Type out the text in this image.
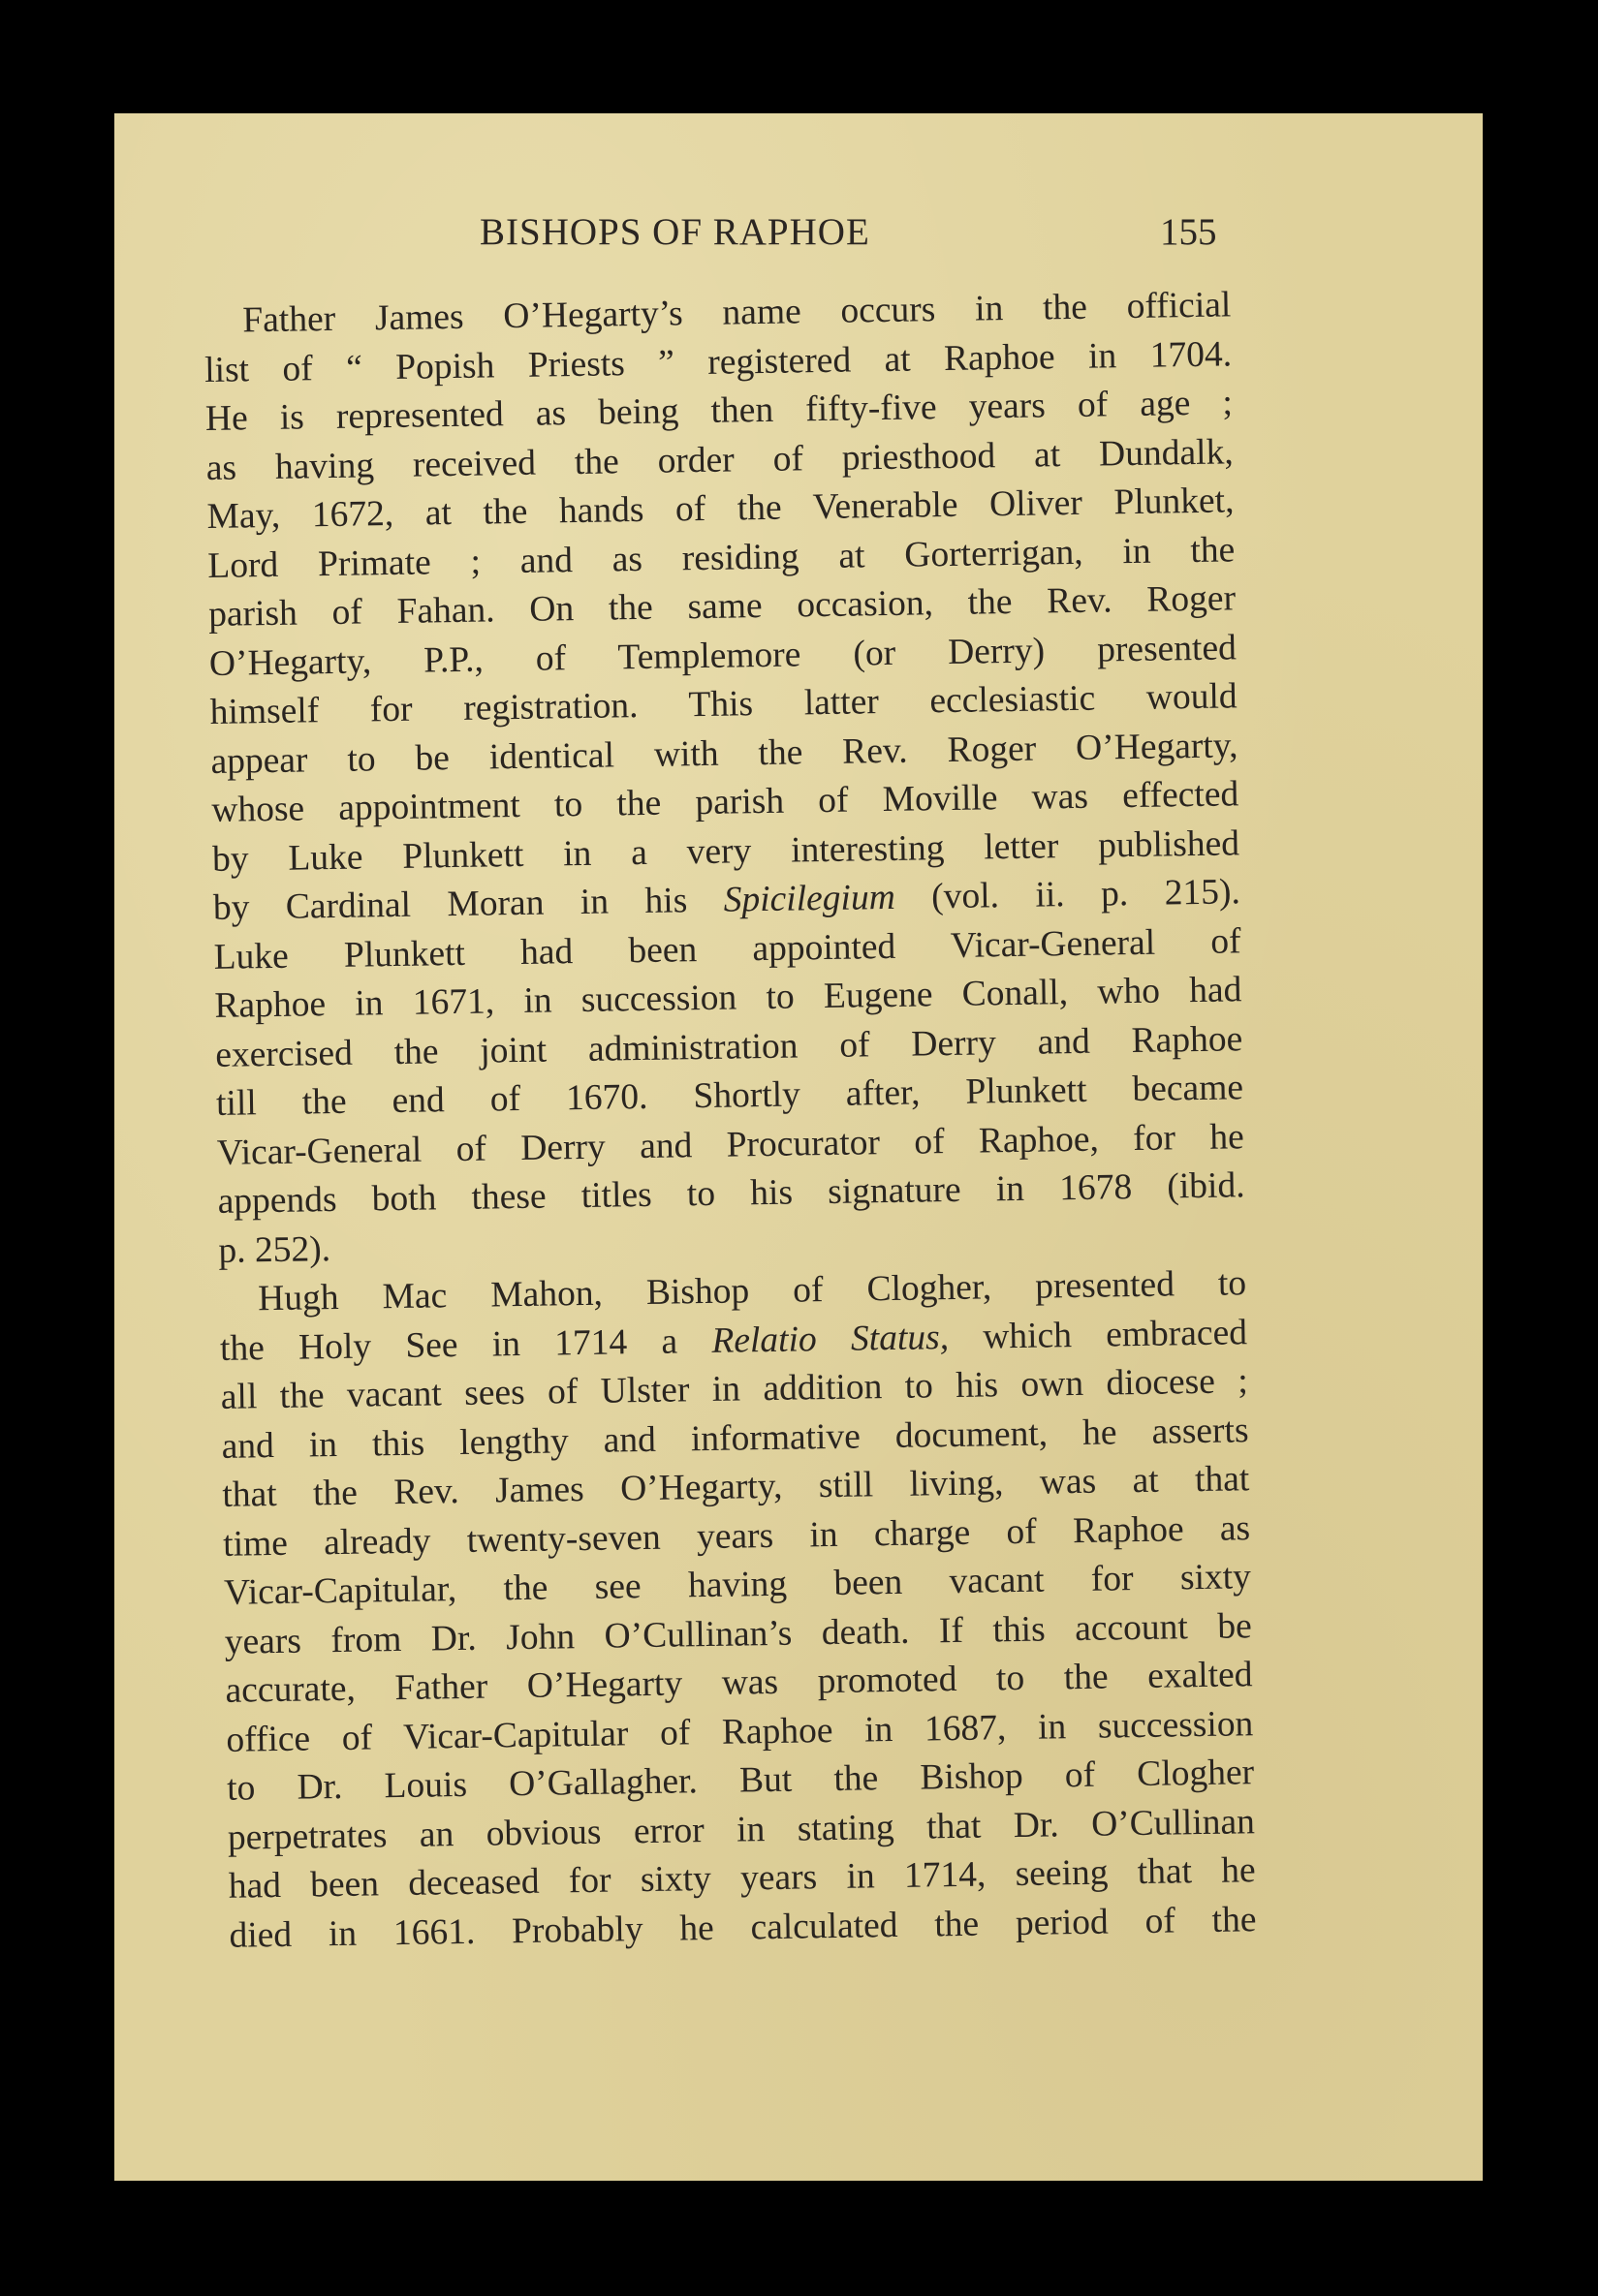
BISHOPS OF RAPHOE	155
Father James O’Hegarty’s name occurs in the official
list of “ Popish Priests ” registered at Raphoe in 1704.
He is represented as being then fifty-five years of age ;
as having received the order of priesthood at Dundalk,
May, 1672, at the hands of the Venerable Oliver Plunket,
Lord Primate ; and as residing at Gorterrigan, in the
parish of Fahan. On the same occasion, the Rev. Roger
O’Hegarty, P.P., of Templemore (or Derry) presented
himself for registration. This latter ecclesiastic would
appear to be identical with the Rev. Roger O’Hegarty,
whose appointment to the parish of Moville was effected
by Luke Plunkett in a very interesting letter published
by Cardinal Moran in his Spicilegium (vol. ii. p. 215).
Luke Plunkett had been appointed Vicar-General of
Raphoe in 1671, in succession to Eugene Conall, who had
exercised the joint administration of Derry and Raphoe
till the end of 1670. Shortly after, Plunkett became
Vicar-General of Derry and Procurator of Raphoe, for he
appends both these titles to his signature in 1678 (ibid.
p. 252).
Hugh Mac Mahon, Bishop of Clogher, presented to
the Holy See in 1714 a Relatio Status, which embraced
all the vacant sees of Ulster in addition to his own diocese ;
and in this lengthy and informative document, he asserts
that the Rev. James O’Hegarty, still living, was at that
time already twenty-seven years in charge of Raphoe as
Vicar-Capitular, the see having been vacant for sixty
years from Dr. John O’Cullinan’s death. If this account be
accurate, Father O’Hegarty was promoted to the exalted
office of Vicar-Capitular of Raphoe in 1687, in succession
to Dr. Louis O’Gallagher. But the Bishop of Clogher
perpetrates an obvious error in stating that Dr. O’Cullinan
had been deceased for sixty years in 1714, seeing that he
died in 1661. Probably he calculated the period of the
